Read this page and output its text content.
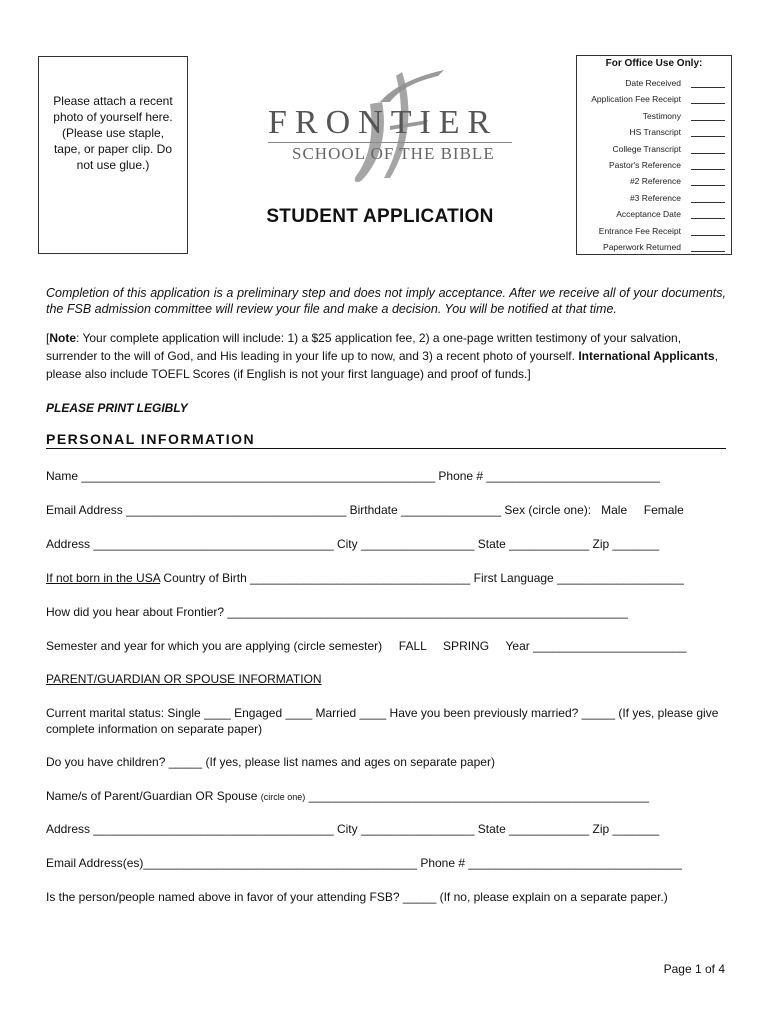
Please attach a recent photo of yourself here. (Please use staple, tape, or paper clip. Do not use glue.)
FRONTIER
SCHOOL OF THE BIBLE
STUDENT APPLICATION
For Office Use Only:
Date Received
Application Fee Receipt
Testimony
HS Transcript
College Transcript
Pastor's Reference
#2 Reference
#3 Reference
Acceptance Date
Entrance Fee Receipt
Paperwork Returned
Completion of this application is a preliminary step and does not imply acceptance. After we receive all of your documents, the FSB admission committee will review your file and make a decision. You will be notified at that time.
[Note: Your complete application will include: 1) a $25 application fee, 2) a one-page written testimony of your salvation, surrender to the will of God, and His leading in your life up to now, and 3) a recent photo of yourself. International Applicants, please also include TOEFL Scores (if English is not your first language) and proof of funds.]
PLEASE PRINT LEGIBLY
PERSONAL INFORMATION
Name _____________________________________________________ Phone # __________________________
Email Address _________________________________ Birthdate _______________ Sex (circle one):   Male     Female
Address ____________________________________ City _________________ State ____________ Zip _______
If not born in the USA Country of Birth _________________________________ First Language ___________________
How did you hear about Frontier? ____________________________________________________________
Semester and year for which you are applying (circle semester)     FALL     SPRING     Year _______________________
PARENT/GUARDIAN OR SPOUSE INFORMATION
Current marital status: Single ____ Engaged ____ Married ____ Have you been previously married? _____ (If yes, please give complete information on separate paper)
Do you have children? _____ (If yes, please list names and ages on separate paper)
Name/s of Parent/Guardian OR Spouse (circle one) ___________________________________________________
Address ____________________________________ City _________________ State ____________ Zip _______
Email Address(es)_________________________________________ Phone # ________________________________
Is the person/people named above in favor of your attending FSB? _____ (If no, please explain on a separate paper.)
Page 1 of 4
